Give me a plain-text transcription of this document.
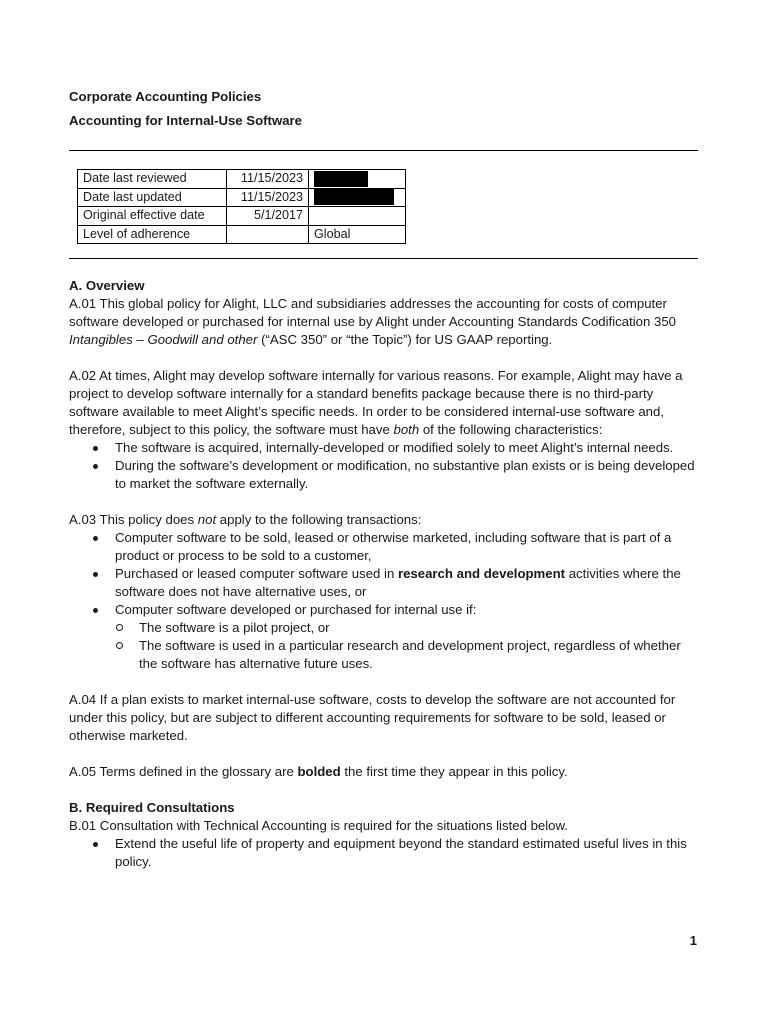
Corporate Accounting Policies
Accounting for Internal-Use Software
Date last reviewed	11/15/2023	
Date last updated	11/15/2023	
Original effective date	5/1/2017	
Level of adherence		Global

A. Overview

A.01 This global policy for Alight, LLC and subsidiaries addresses the accounting for costs of computer software developed or purchased for internal use by Alight under Accounting Standards Codification 350 Intangibles – Goodwill and other (“ASC 350” or “the Topic”) for US GAAP reporting.

A.02 At times, Alight may develop software internally for various reasons. For example, Alight may have a project to develop software internally for a standard benefits package because there is no third-party software available to meet Alight’s specific needs. In order to be considered internal-use software and, therefore, subject to this policy, the software must have both of the following characteristics:

The software is acquired, internally-developed or modified solely to meet Alight’s internal needs.
During the software’s development or modification, no substantive plan exists or is being developed to market the software externally.

A.03 This policy does not apply to the following transactions:

Computer software to be sold, leased or otherwise marketed, including software that is part of a product or process to be sold to a customer,
Purchased or leased computer software used in research and development activities where the software does not have alternative uses, or
Computer software developed or purchased for internal use if:
The software is a pilot project, or
The software is used in a particular research and development project, regardless of whether the software has alternative future uses.

A.04 If a plan exists to market internal-use software, costs to develop the software are not accounted for under this policy, but are subject to different accounting requirements for software to be sold, leased or otherwise marketed.

A.05 Terms defined in the glossary are bolded the first time they appear in this policy.

B. Required Consultations

B.01 Consultation with Technical Accounting is required for the situations listed below.

Extend the useful life of property and equipment beyond the standard estimated useful lives in this policy.
1
